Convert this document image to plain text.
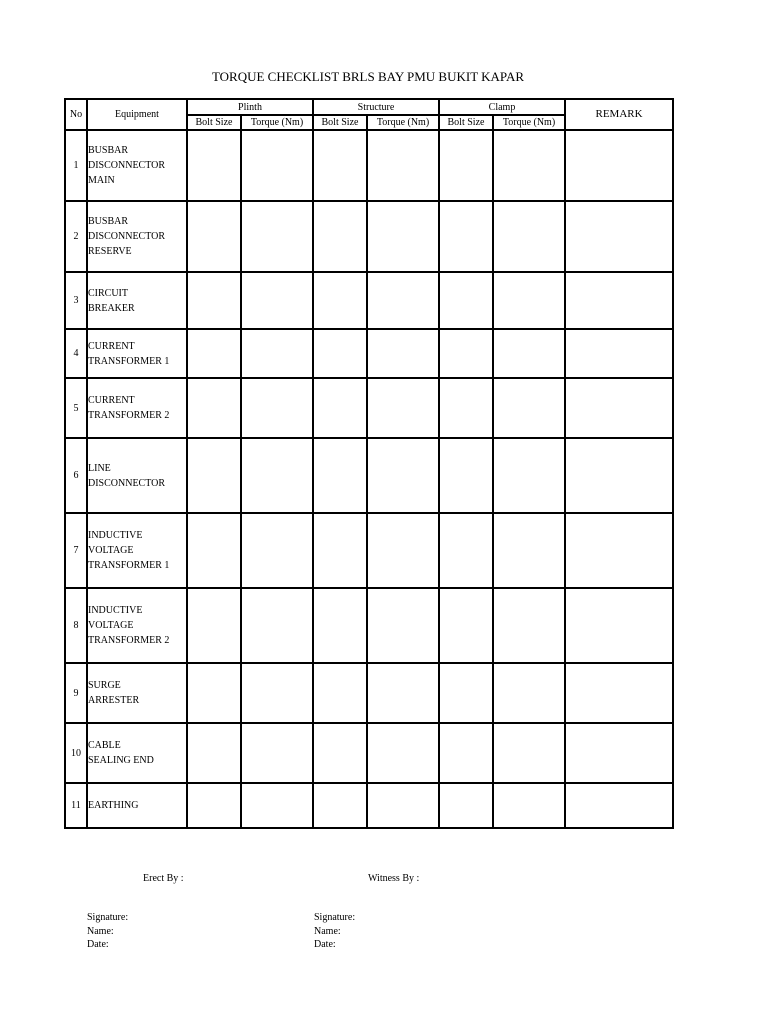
TORQUE CHECKLIST BRLS BAY PMU BUKIT KAPAR
No	Equipment	Plinth		Structure		Clamp		REMARK
		Bolt Size	Torque (Nm)	Bolt Size	Torque (Nm)	Bolt Size	Torque (Nm)	
1	BUSBAR
DISCONNECTOR
MAIN							

2	BUSBAR
DISCONNECTOR
RESERVE							

3	CIRCUIT
BREAKER							

4	CURRENT
TRANSFORMER 1							

5	CURRENT
TRANSFORMER 2							

6	LINE
DISCONNECTOR							

7	INDUCTIVE
VOLTAGE
TRANSFORMER 1							

8	INDUCTIVE
VOLTAGE
TRANSFORMER 2							

9	SURGE
ARRESTER							

10	CABLE
SEALING END							

11	EARTHING							

Erect By :	Witness By :
Signature:
Name:
Date:
Signature:
Name:
Date:
